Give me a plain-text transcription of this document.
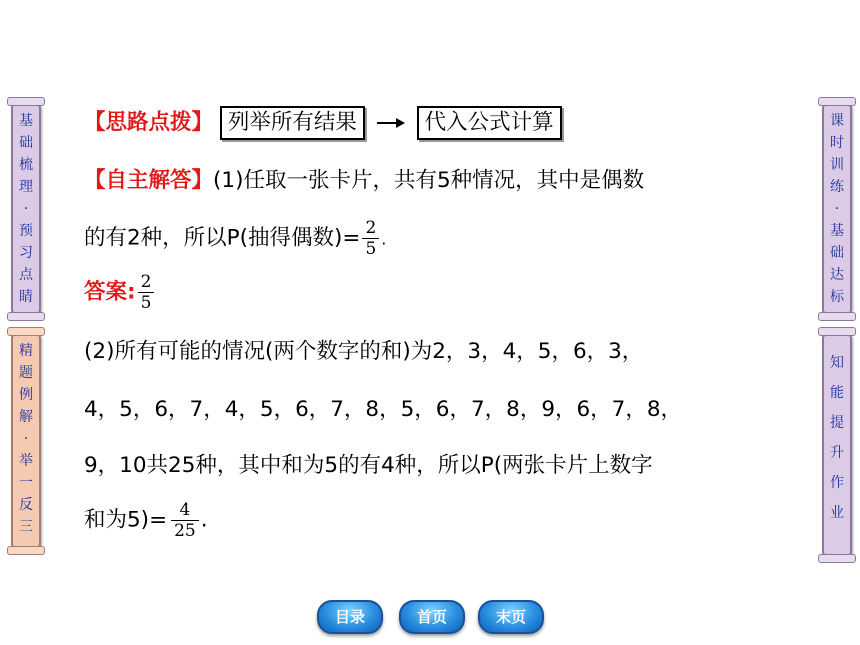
基
础
梳
理
·
预
习
点
睛
精
题
例
解
·
举
一
反
三
课
时
训
练
·
基
础
达
标
知
能
提
升
作
业
【思路点拨】 列举所有结果	代入公式计算
【自主解答】(1)任取一张卡片，共有5种情况，其中是偶数
的有2种，所以P(抽得偶数)= $\frac{2}{5}$ .
答案: $\frac{2}{5}$
(2)所有可能的情况(两个数字的和)为2，3，4，5，6，3，
4，5，6，7，4，5，6，7，8，5，6，7，8，9，6，7，8，
9，10共25种，其中和为5的有4种，所以P(两张卡片上数字
和为$5)= \frac{4}{25}$ .
目录	首页	末页
